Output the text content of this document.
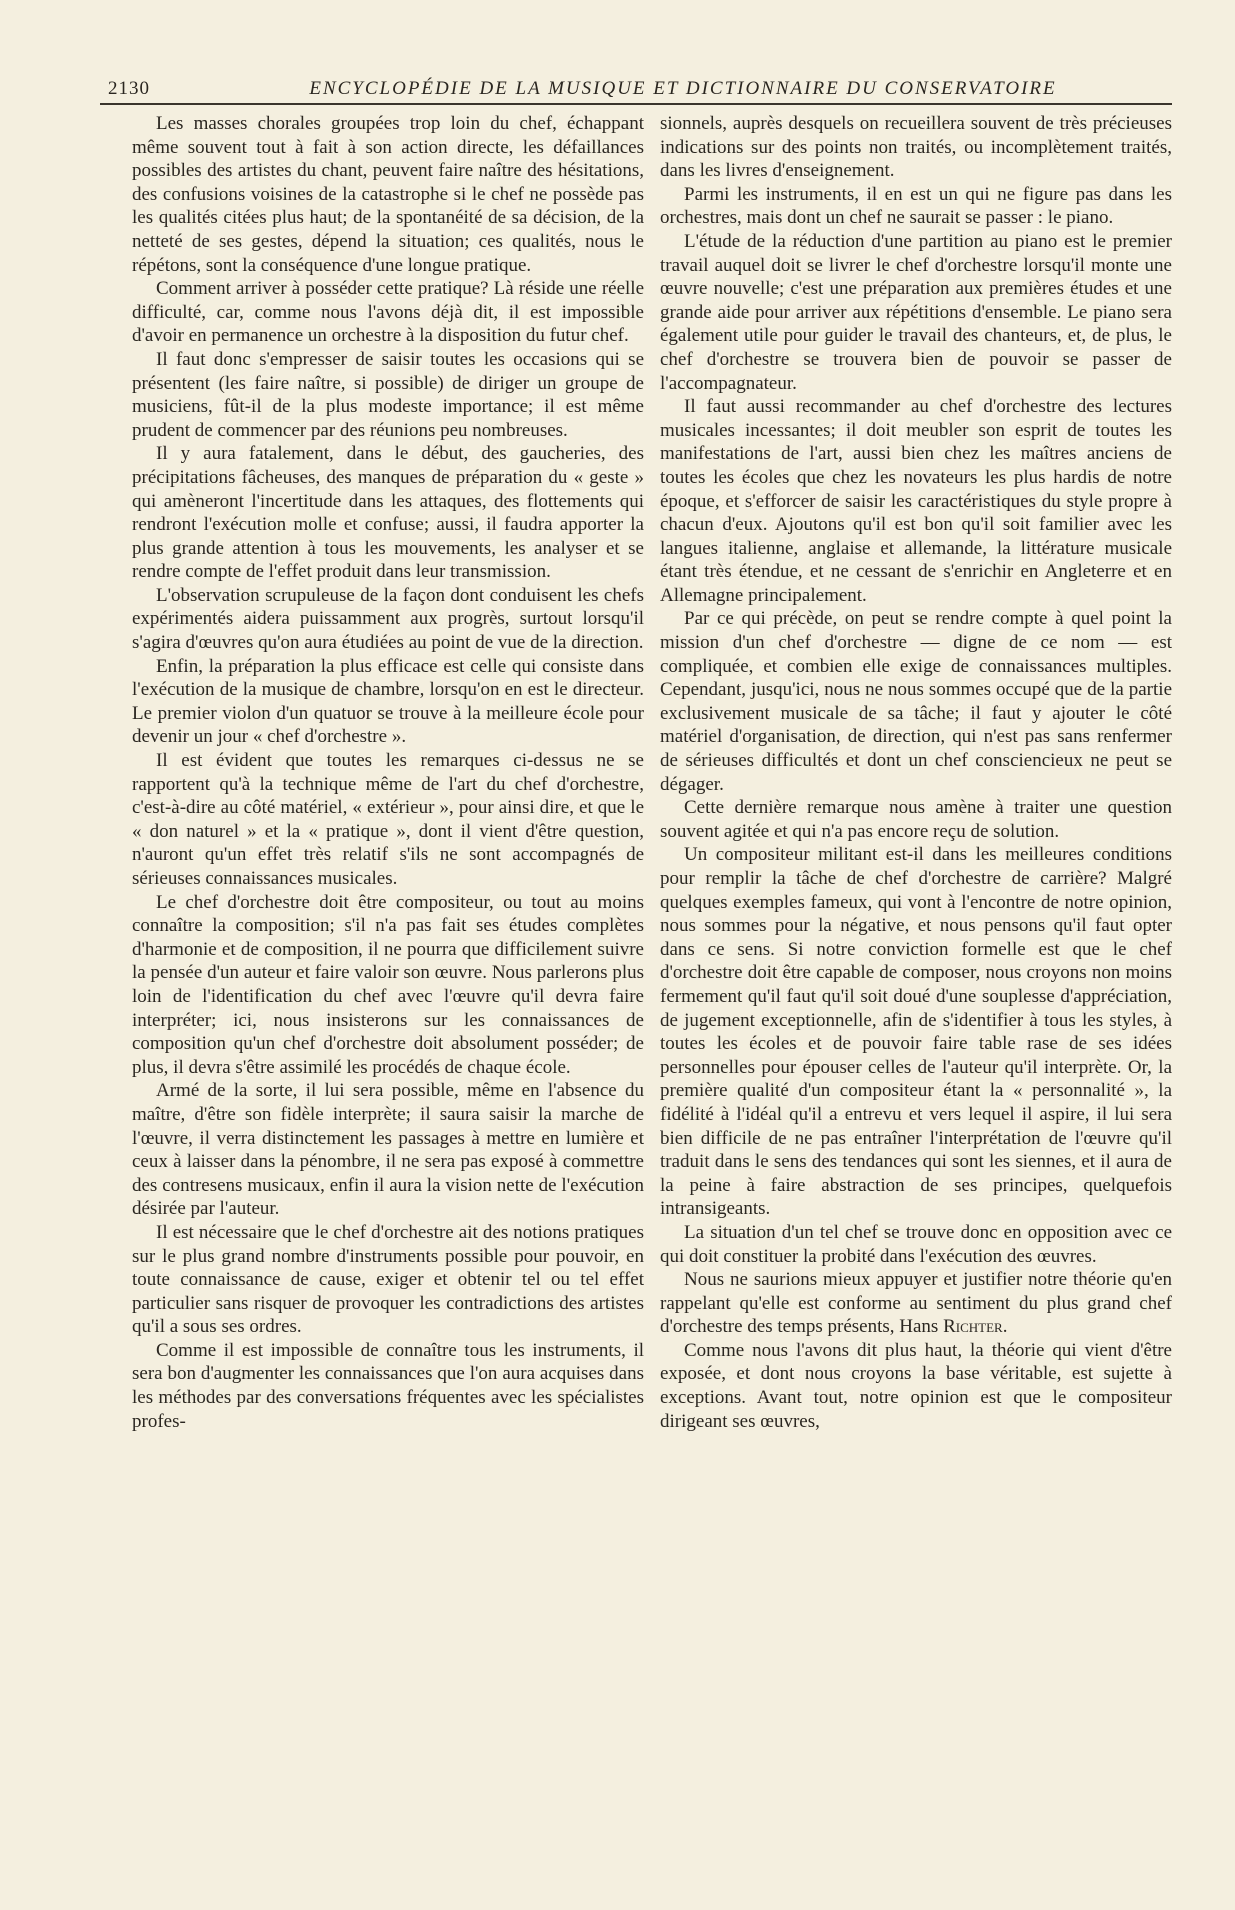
2130	ENCYCLOPÉDIE DE LA MUSIQUE ET DICTIONNAIRE DU CONSERVATOIRE

Les masses chorales groupées trop loin du chef, échappant même souvent tout à fait à son action directe, les défaillances possibles des artistes du chant, peuvent faire naître des hésitations, des confusions voisines de la catastrophe si le chef ne possède pas les qualités citées plus haut; de la spontanéité de sa décision, de la netteté de ses gestes, dépend la situation; ces qualités, nous le répétons, sont la conséquence d'une longue pratique.

Comment arriver à posséder cette pratique? Là réside une réelle difficulté, car, comme nous l'avons déjà dit, il est impossible d'avoir en permanence un orchestre à la disposition du futur chef.

Il faut donc s'empresser de saisir toutes les occasions qui se présentent (les faire naître, si possible) de diriger un groupe de musiciens, fût-il de la plus modeste importance; il est même prudent de commencer par des réunions peu nombreuses.

Il y aura fatalement, dans le début, des gaucheries, des précipitations fâcheuses, des manques de préparation du « geste » qui amèneront l'incertitude dans les attaques, des flottements qui rendront l'exécution molle et confuse; aussi, il faudra apporter la plus grande attention à tous les mouvements, les analyser et se rendre compte de l'effet produit dans leur transmission.

L'observation scrupuleuse de la façon dont conduisent les chefs expérimentés aidera puissamment aux progrès, surtout lorsqu'il s'agira d'œuvres qu'on aura étudiées au point de vue de la direction.

Enfin, la préparation la plus efficace est celle qui consiste dans l'exécution de la musique de chambre, lorsqu'on en est le directeur. Le premier violon d'un quatuor se trouve à la meilleure école pour devenir un jour « chef d'orchestre ».

Il est évident que toutes les remarques ci-dessus ne se rapportent qu'à la technique même de l'art du chef d'orchestre, c'est-à-dire au côté matériel, « extérieur », pour ainsi dire, et que le « don naturel » et la « pratique », dont il vient d'être question, n'auront qu'un effet très relatif s'ils ne sont accompagnés de sérieuses connaissances musicales.

Le chef d'orchestre doit être compositeur, ou tout au moins connaître la composition; s'il n'a pas fait ses études complètes d'harmonie et de composition, il ne pourra que difficilement suivre la pensée d'un auteur et faire valoir son œuvre. Nous parlerons plus loin de l'identification du chef avec l'œuvre qu'il devra faire interpréter; ici, nous insisterons sur les connaissances de composition qu'un chef d'orchestre doit absolument posséder; de plus, il devra s'être assimilé les procédés de chaque école.

Armé de la sorte, il lui sera possible, même en l'absence du maître, d'être son fidèle interprète; il saura saisir la marche de l'œuvre, il verra distinctement les passages à mettre en lumière et ceux à laisser dans la pénombre, il ne sera pas exposé à commettre des contresens musicaux, enfin il aura la vision nette de l'exécution désirée par l'auteur.

Il est nécessaire que le chef d'orchestre ait des notions pratiques sur le plus grand nombre d'instruments possible pour pouvoir, en toute connaissance de cause, exiger et obtenir tel ou tel effet particulier sans risquer de provoquer les contradictions des artistes qu'il a sous ses ordres.

Comme il est impossible de connaître tous les instruments, il sera bon d'augmenter les connaissances que l'on aura acquises dans les méthodes par des conversations fréquentes avec les spécialistes profes-

sionnels, auprès desquels on recueillera souvent de très précieuses indications sur des points non traités, ou incomplètement traités, dans les livres d'enseignement.

Parmi les instruments, il en est un qui ne figure pas dans les orchestres, mais dont un chef ne saurait se passer : le piano.

L'étude de la réduction d'une partition au piano est le premier travail auquel doit se livrer le chef d'orchestre lorsqu'il monte une œuvre nouvelle; c'est une préparation aux premières études et une grande aide pour arriver aux répétitions d'ensemble. Le piano sera également utile pour guider le travail des chanteurs, et, de plus, le chef d'orchestre se trouvera bien de pouvoir se passer de l'accompagnateur.

Il faut aussi recommander au chef d'orchestre des lectures musicales incessantes; il doit meubler son esprit de toutes les manifestations de l'art, aussi bien chez les maîtres anciens de toutes les écoles que chez les novateurs les plus hardis de notre époque, et s'efforcer de saisir les caractéristiques du style propre à chacun d'eux. Ajoutons qu'il est bon qu'il soit familier avec les langues italienne, anglaise et allemande, la littérature musicale étant très étendue, et ne cessant de s'enrichir en Angleterre et en Allemagne principalement.

Par ce qui précède, on peut se rendre compte à quel point la mission d'un chef d'orchestre — digne de ce nom — est compliquée, et combien elle exige de connaissances multiples. Cependant, jusqu'ici, nous ne nous sommes occupé que de la partie exclusivement musicale de sa tâche; il faut y ajouter le côté matériel d'organisation, de direction, qui n'est pas sans renfermer de sérieuses difficultés et dont un chef consciencieux ne peut se dégager.

Cette dernière remarque nous amène à traiter une question souvent agitée et qui n'a pas encore reçu de solution.

Un compositeur militant est-il dans les meilleures conditions pour remplir la tâche de chef d'orchestre de carrière? Malgré quelques exemples fameux, qui vont à l'encontre de notre opinion, nous sommes pour la négative, et nous pensons qu'il faut opter dans ce sens. Si notre conviction formelle est que le chef d'orchestre doit être capable de composer, nous croyons non moins fermement qu'il faut qu'il soit doué d'une souplesse d'appréciation, de jugement exceptionnelle, afin de s'identifier à tous les styles, à toutes les écoles et de pouvoir faire table rase de ses idées personnelles pour épouser celles de l'auteur qu'il interprète. Or, la première qualité d'un compositeur étant la « personnalité », la fidélité à l'idéal qu'il a entrevu et vers lequel il aspire, il lui sera bien difficile de ne pas entraîner l'interprétation de l'œuvre qu'il traduit dans le sens des tendances qui sont les siennes, et il aura de la peine à faire abstraction de ses principes, quelquefois intransigeants.

La situation d'un tel chef se trouve donc en opposition avec ce qui doit constituer la probité dans l'exécution des œuvres.

Nous ne saurions mieux appuyer et justifier notre théorie qu'en rappelant qu'elle est conforme au sentiment du plus grand chef d'orchestre des temps présents, Hans Richter.

Comme nous l'avons dit plus haut, la théorie qui vient d'être exposée, et dont nous croyons la base véritable, est sujette à exceptions. Avant tout, notre opinion est que le compositeur dirigeant ses œuvres,
